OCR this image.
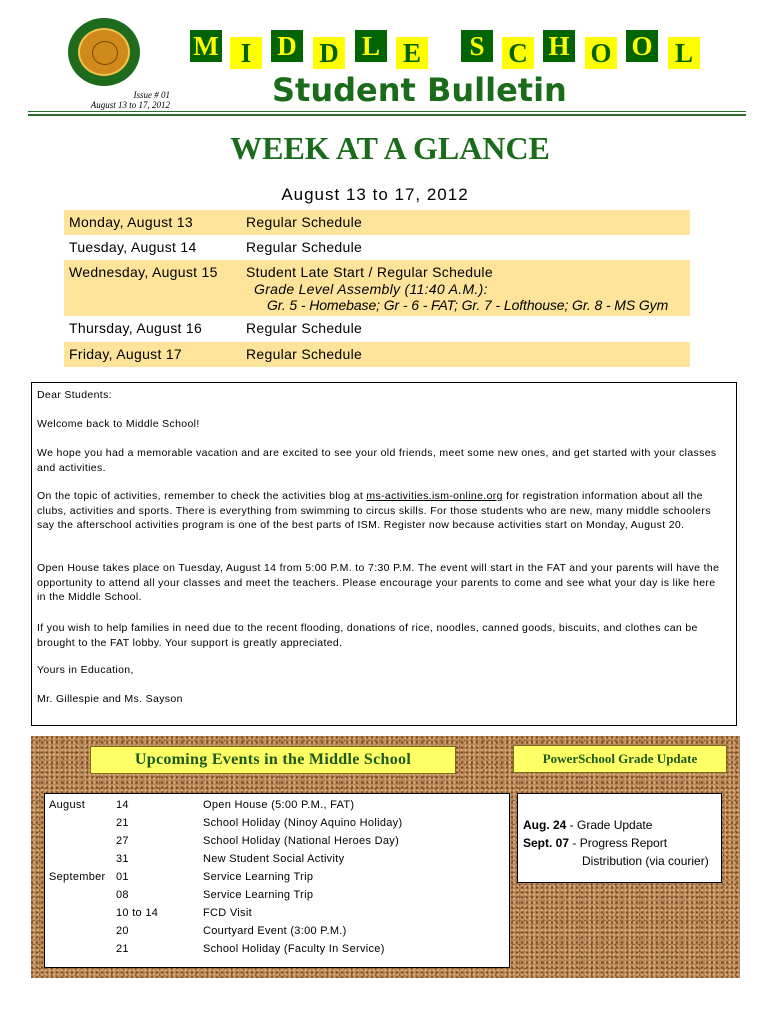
Issue # 01
August 13 to 17, 2012
M I D D L E	S C H O O L
Student Bulletin
WEEK AT A GLANCE
August 13 to 17, 2012
Monday, August 13	Regular Schedule
Tuesday, August 14	Regular Schedule
Wednesday, August 15 Student Late Start / Regular Schedule
Grade Level Assembly (11:40 A.M.):
Gr. 5 - Homebase; Gr - 6 - FAT; Gr. 7 - Lofthouse; Gr. 8 - MS Gym
Thursday, August 16	Regular Schedule
Friday, August 17	Regular Schedule

Dear Students:

Welcome back to Middle School!

We hope you had a memorable vacation and are excited to see your old friends, meet some new ones, and get started with your classes and activities.

On the topic of activities, remember to check the activities blog at ms-activities.ism-online.org for registration information about all the clubs, activities and sports. There is everything from swimming to circus skills. For those students who are new, many middle schoolers say the afterschool activities program is one of the best parts of ISM. Register now because activities start on Monday, August 20.

Open House takes place on Tuesday, August 14 from 5:00 P.M. to 7:30 P.M. The event will start in the FAT and your parents will have the opportunity to attend all your classes and meet the teachers. Please encourage your parents to come and see what your day is like here in the Middle School.

If you wish to help families in need due to the recent flooding, donations of rice, noodles, canned goods, biscuits, and clothes can be brought to the FAT lobby. Your support is greatly appreciated.

Yours in Education,

Mr. Gillespie and Ms. Sayson

Upcoming Events in the Middle School	PowerSchool Grade Update
August	14	Open House (5:00 P.M., FAT)
21	School Holiday (Ninoy Aquino Holiday)
27	School Holiday (National Heroes Day)
31	New Student Social Activity
September 01	Service Learning Trip
08	Service Learning Trip
10 to 14	FCD Visit
20	Courtyard Event (3:00 P.M.)
21	School Holiday (Faculty In Service)
Aug. 24 - Grade Update
Sept. 07 - Progress Report
Distribution (via courier)
